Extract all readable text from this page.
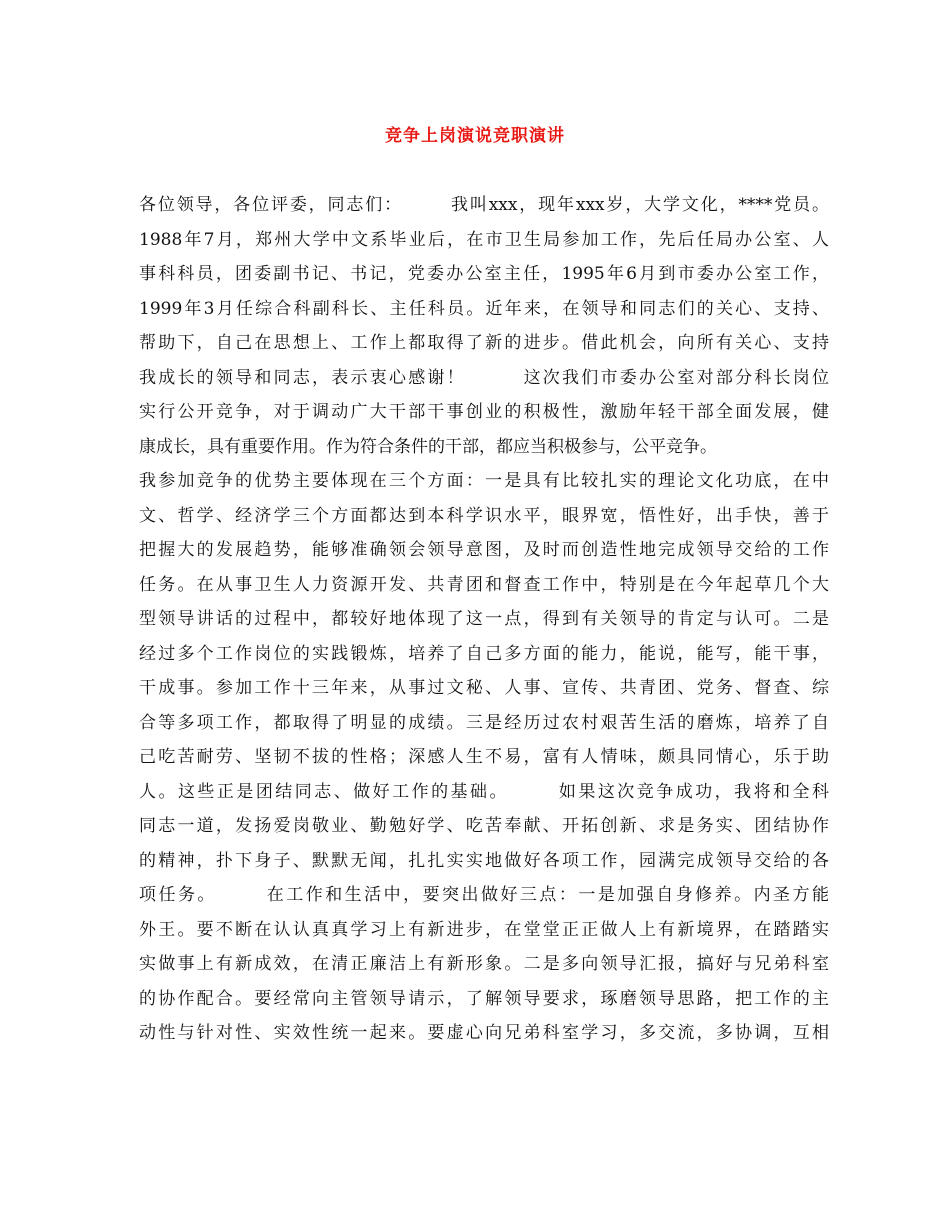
竞争上岗演说竞职演讲
各位领导，各位评委，同志们：　　　我叫xxx，现年xxx岁，大学文化，****党员。
1988年7月，郑州大学中文系毕业后，在市卫生局参加工作，先后任局办公室、人
事科科员，团委副书记、书记，党委办公室主任，1995年6月到市委办公室工作，
1999年3月任综合科副科长、主任科员。近年来，在领导和同志们的关心、支持、
帮助下，自己在思想上、工作上都取得了新的进步。借此机会，向所有关心、支持
我成长的领导和同志，表示衷心感谢！　　　这次我们市委办公室对部分科长岗位
实行公开竞争，对于调动广大干部干事创业的积极性，激励年轻干部全面发展，健
康成长，具有重要作用。作为符合条件的干部，都应当积极参与，公平竞争。
我参加竞争的优势主要体现在三个方面：一是具有比较扎实的理论文化功底，在中
文、哲学、经济学三个方面都达到本科学识水平，眼界宽，悟性好，出手快，善于
把握大的发展趋势，能够准确领会领导意图，及时而创造性地完成领导交给的工作
任务。在从事卫生人力资源开发、共青团和督查工作中，特别是在今年起草几个大
型领导讲话的过程中，都较好地体现了这一点，得到有关领导的肯定与认可。二是
经过多个工作岗位的实践锻炼，培养了自己多方面的能力，能说，能写，能干事，
干成事。参加工作十三年来，从事过文秘、人事、宣传、共青团、党务、督查、综
合等多项工作，都取得了明显的成绩。三是经历过农村艰苦生活的磨炼，培养了自
己吃苦耐劳、坚韧不拔的性格；深感人生不易，富有人情味，颇具同情心，乐于助
人。这些正是团结同志、做好工作的基础。　　　如果这次竞争成功，我将和全科
同志一道，发扬爱岗敬业、勤勉好学、吃苦奉献、开拓创新、求是务实、团结协作
的精神，扑下身子、默默无闻，扎扎实实地做好各项工作，园满完成领导交给的各
项任务。　　　在工作和生活中，要突出做好三点：一是加强自身修养。内圣方能
外王。要不断在认认真真学习上有新进步，在堂堂正正做人上有新境界，在踏踏实
实做事上有新成效，在清正廉洁上有新形象。二是多向领导汇报，搞好与兄弟科室
的协作配合。要经常向主管领导请示，了解领导要求，琢磨领导思路，把工作的主
动性与针对性、实效性统一起来。要虚心向兄弟科室学习，多交流，多协调，互相
